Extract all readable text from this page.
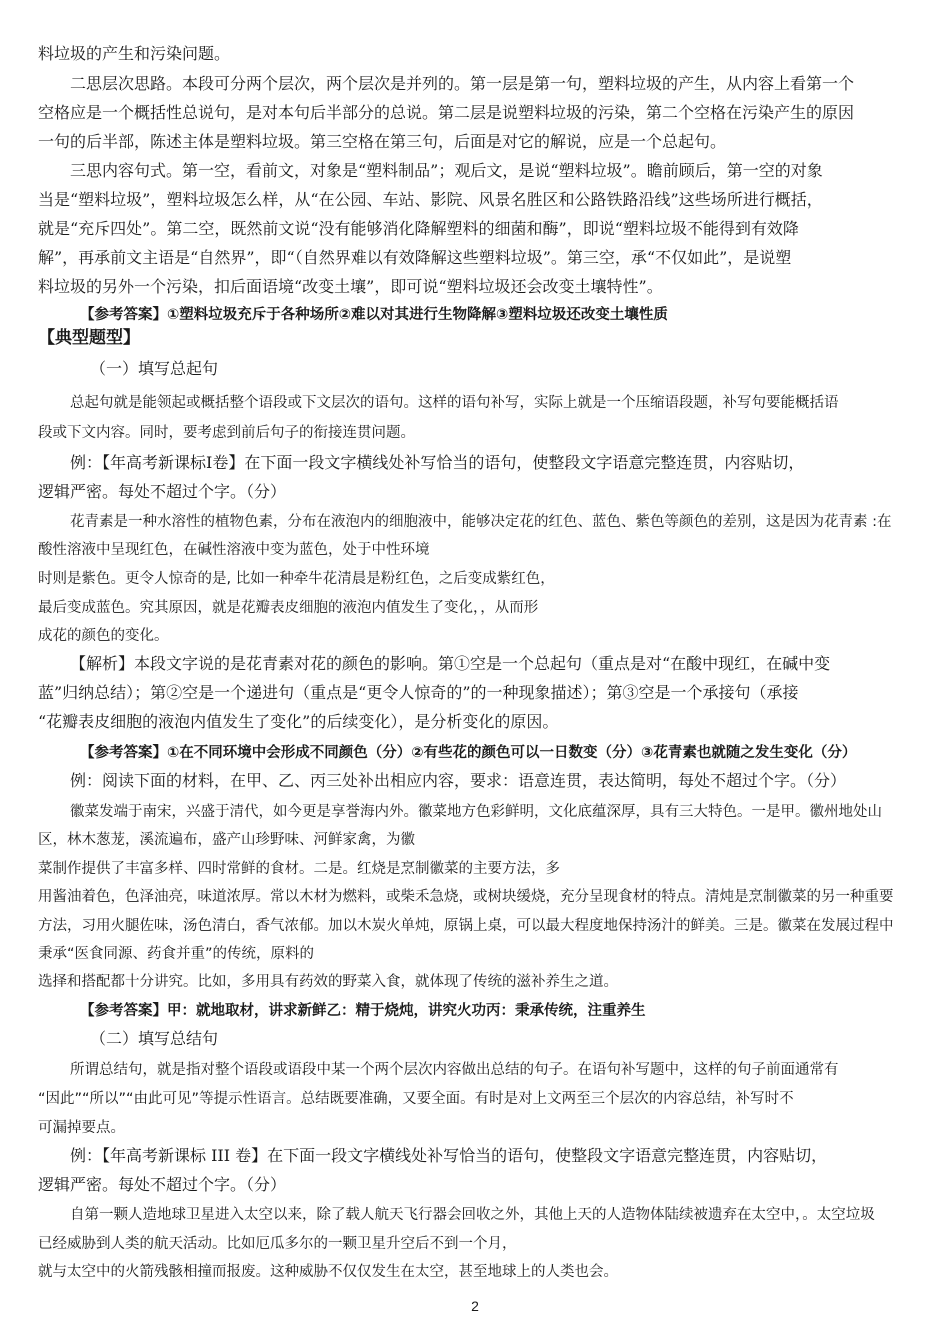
料垃圾的产生和污染问题。
二思层次思路。本段可分两个层次，两个层次是并列的。第一层是第一句，塑料垃圾的产生，从内容上看第一个
空格应是一个概括性总说句，是对本句后半部分的总说。第二层是说塑料垃圾的污染，第二个空格在污染产生的原因
一句的后半部，陈述主体是塑料垃圾。第三空格在第三句，后面是对它的解说，应是一个总起句。
三思内容句式。第一空，看前文，对象是“塑料制品”；观后文，是说“塑料垃圾”。瞻前顾后，第一空的对象
当是“塑料垃圾”，塑料垃圾怎么样，从“在公园、车站、影院、风景名胜区和公路铁路沿线”这些场所进行概括，
就是“充斥四处”。第二空，既然前文说“没有能够消化降解塑料的细菌和酶”，即说“塑料垃圾不能得到有效降
解”，再承前文主语是“自然界”，即“（自然界难以有效降解这些塑料垃圾”。第三空，承“不仅如此”，是说塑
料垃圾的另外一个污染，扣后面语境“改变土壤”，即可说“塑料垃圾还会改变土壤特性”。
【参考答案】①塑料垃圾充斥于各种场所②难以对其进行生物降解③塑料垃圾还改变土壤性质
【典型题型】
（一）填写总起句
总起句就是能领起或概括整个语段或下文层次的语句。这样的语句补写，实际上就是一个压缩语段题，补写句要能概括语
段或下文内容。同时，要考虑到前后句子的衔接连贯问题。
例：【年高考新课标Ⅰ卷】在下面一段文字横线处补写恰当的语句，使整段文字语意完整连贯，内容贴切，
逻辑严密。每处不超过个字。（分）
花青素是一种水溶性的植物色素，分布在液泡内的细胞液中，能够决定花的红色、蓝色、紫色等颜色的差别，这是因为花青素 :在
酸性溶液中呈现红色，在碱性溶液中变为蓝色，处于中性环境
时则是紫色。更令人惊奇的是, 比如一种牵牛花清晨是粉红色，之后变成紫红色，
最后变成蓝色。究其原因，就是花瓣表皮细胞的液泡内值发生了变化，，从而形
成花的颜色的变化。
【解析】本段文字说的是花青素对花的颜色的影响。第①空是一个总起句（重点是对“在酸中现红，在碱中变
蓝”归纳总结）；第②空是一个递进句（重点是“更令人惊奇的”的一种现象描述）；第③空是一个承接句（承接
“花瓣表皮细胞的液泡内值发生了变化”的后续变化），是分析变化的原因。
【参考答案】①在不同环境中会形成不同颜色（分）②有些花的颜色可以一日数变（分）③花青素也就随之发生变化（分）
例：阅读下面的材料，在甲、乙、丙三处补出相应内容，要求：语意连贯，表达简明，每处不超过个字。（分）
徽菜发端于南宋，兴盛于清代，如今更是享誉海内外。徽菜地方色彩鲜明，文化底蕴深厚，具有三大特色。一是甲。徽州地处山
区，林木葱茏，溪流遍布，盛产山珍野味、河鲜家禽，为徽
菜制作提供了丰富多样、四时常鲜的食材。二是。红烧是烹制徽菜的主要方法，多
用酱油着色，色泽油亮，味道浓厚。常以木材为燃料，或柴禾急烧，或树块缓烧，充分呈现食材的特点。清炖是烹制徽菜的另一种重要
方法，习用火腿佐味，汤色清白，香气浓郁。加以木炭火单炖，原锅上桌，可以最大程度地保持汤汁的鲜美。三是。徽菜在发展过程中
秉承“医食同源、药食并重”的传统，原料的
选择和搭配都十分讲究。比如，多用具有药效的野菜入食，就体现了传统的滋补养生之道。
【参考答案】甲：就地取材，讲求新鲜乙：精于烧炖，讲究火功丙：秉承传统，注重养生
（二）填写总结句
所谓总结句，就是指对整个语段或语段中某一个两个层次内容做出总结的句子。在语句补写题中，这样的句子前面通常有
“因此”“所以”“由此可见”等提示性语言。总结既要准确，又要全面。有时是对上文两至三个层次的内容总结，补写时不
可漏掉要点。
例：【年高考新课标 III 卷】在下面一段文字横线处补写恰当的语句，使整段文字语意完整连贯，内容贴切，
逻辑严密。每处不超过个字。（分）
自第一颗人造地球卫星进入太空以来，除了载人航天飞行器会回收之外，其他上天的人造物体陆续被遗弃在太空中，。太空垃圾
已经威胁到人类的航天活动。比如厄瓜多尔的一颗卫星升空后不到一个月，
就与太空中的火箭残骸相撞而报废。这种威胁不仅仅发生在太空，甚至地球上的人类也会。
2
